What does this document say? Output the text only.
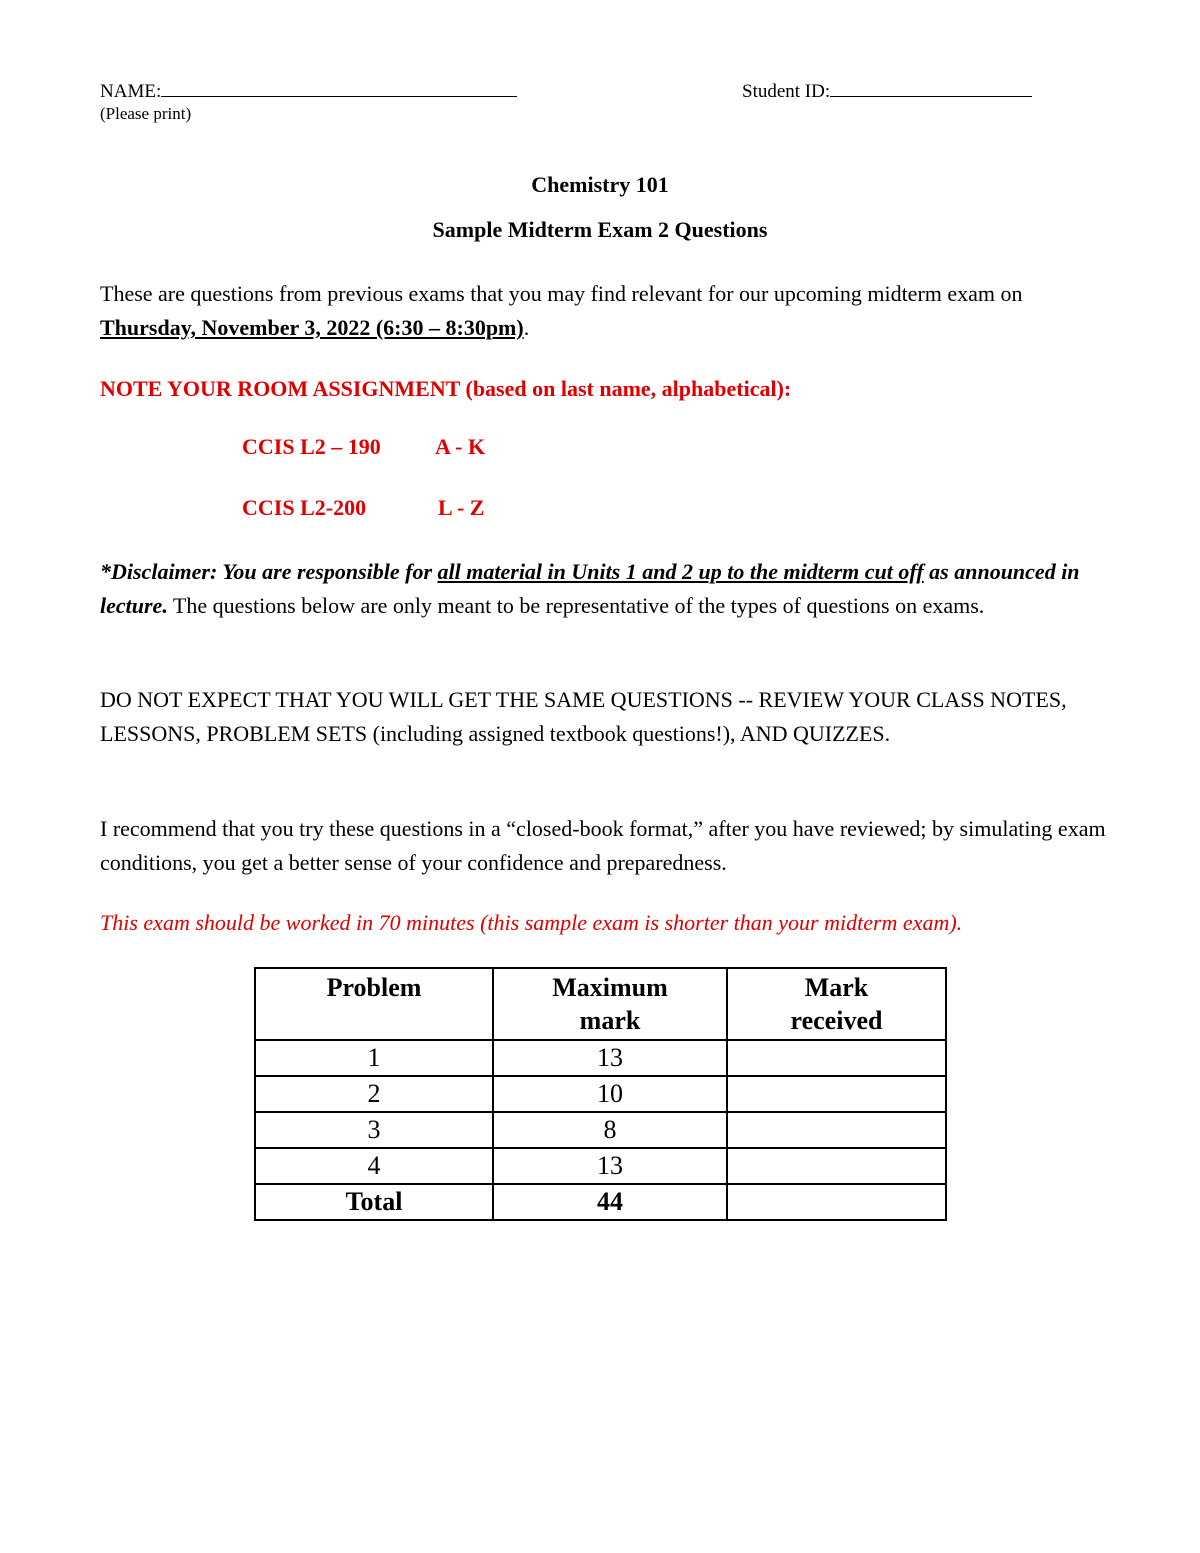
NAME:
(Please print)
Student ID:
Chemistry 101
Sample Midterm Exam 2 Questions
These are questions from previous exams that you may find relevant for our upcoming midterm exam on Thursday, November 3, 2022 (6:30 – 8:30pm).
NOTE YOUR ROOM ASSIGNMENT (based on last name, alphabetical):
CCIS L2 – 190 A - K
CCIS L2-200	L - Z
*Disclaimer: You are responsible for all material in Units 1 and 2 up to the midterm cut off as announced in lecture. The questions below are only meant to be representative of the types of questions on exams.
DO NOT EXPECT THAT YOU WILL GET THE SAME QUESTIONS -- REVIEW YOUR CLASS NOTES, LESSONS, PROBLEM SETS (including assigned textbook questions!), AND QUIZZES.
I recommend that you try these questions in a “closed-book format,” after you have reviewed; by simulating exam conditions, you get a better sense of your confidence and preparedness.
This exam should be worked in 70 minutes (this sample exam is shorter than your midterm exam).
Problem	Maximum mark	Mark received
1	13	
2	10	
3	8	
4	13	
Total	44	
